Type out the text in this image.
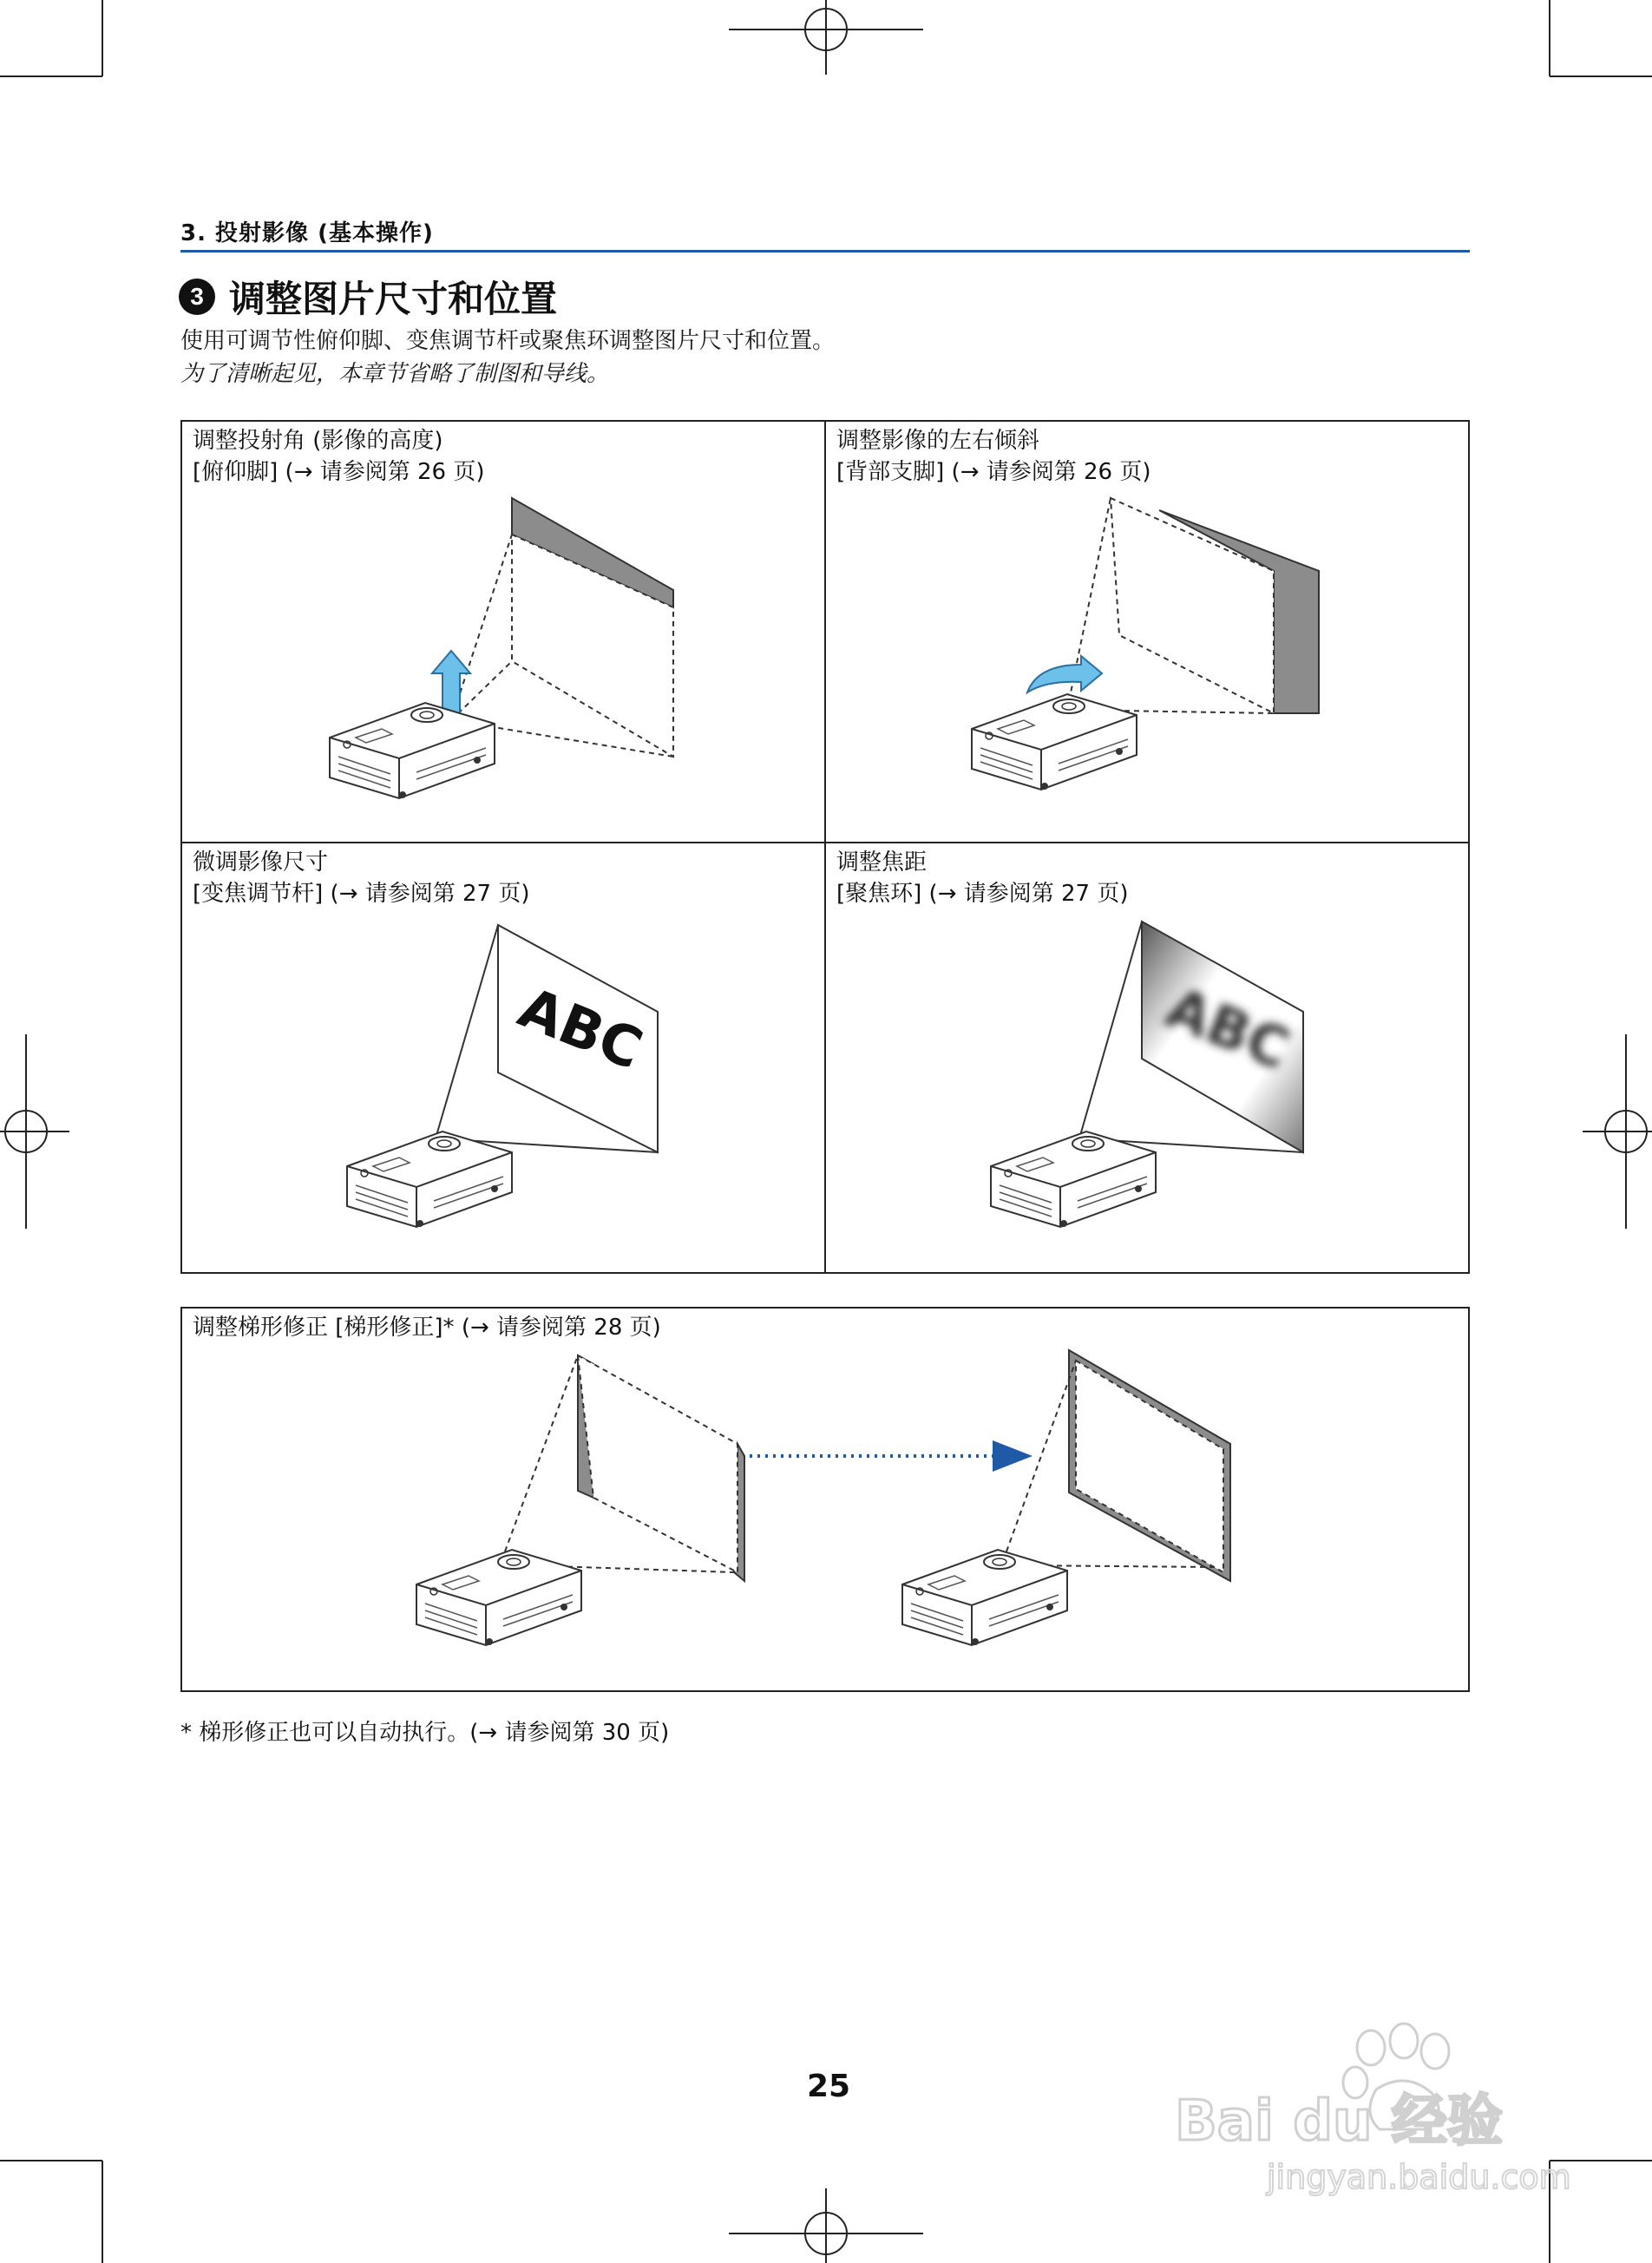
3. 投射影像 (基本操作)
3 调整图片尺寸和位置
使用可调节性俯仰脚、变焦调节杆或聚焦环调整图片尺寸和位置。
为了清晰起见，本章节省略了制图和导线。
调整投射角 (影像的高度)
[俯仰脚] (→ 请参阅第 26 页)
调整影像的左右倾斜
[背部支脚] (→ 请参阅第 26 页)
微调影像尺寸
[变焦调节杆] (→ 请参阅第 27 页)
调整焦距
[聚焦环] (→ 请参阅第 27 页)
ABC	ABC
调整梯形修正 [梯形修正]* (→ 请参阅第 28 页)
* 梯形修正也可以自动执行。(→ 请参阅第 30 页)
25
Bai du 经验
jingyan.baidu.com
